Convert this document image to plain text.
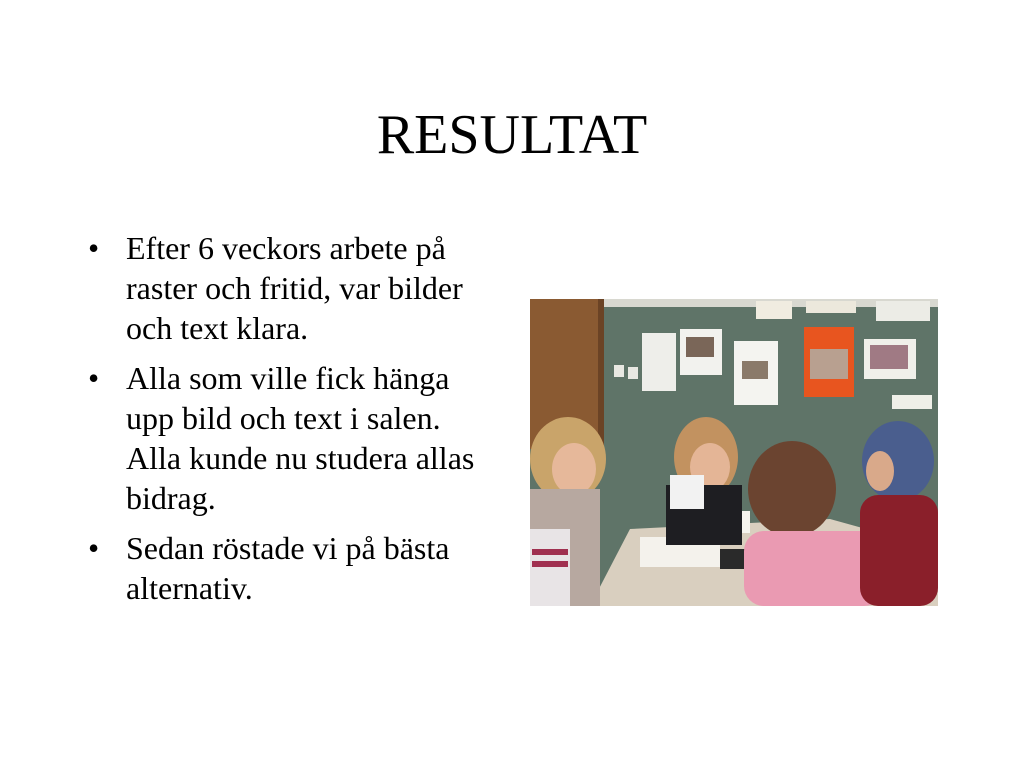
RESULTAT
• Efter 6 veckors arbete på raster och fritid, var bilder och text klara.
• Alla som ville fick hänga upp bild och text i salen. Alla kunde nu studera allas bidrag.
• Sedan röstade vi på bästa alternativ.
